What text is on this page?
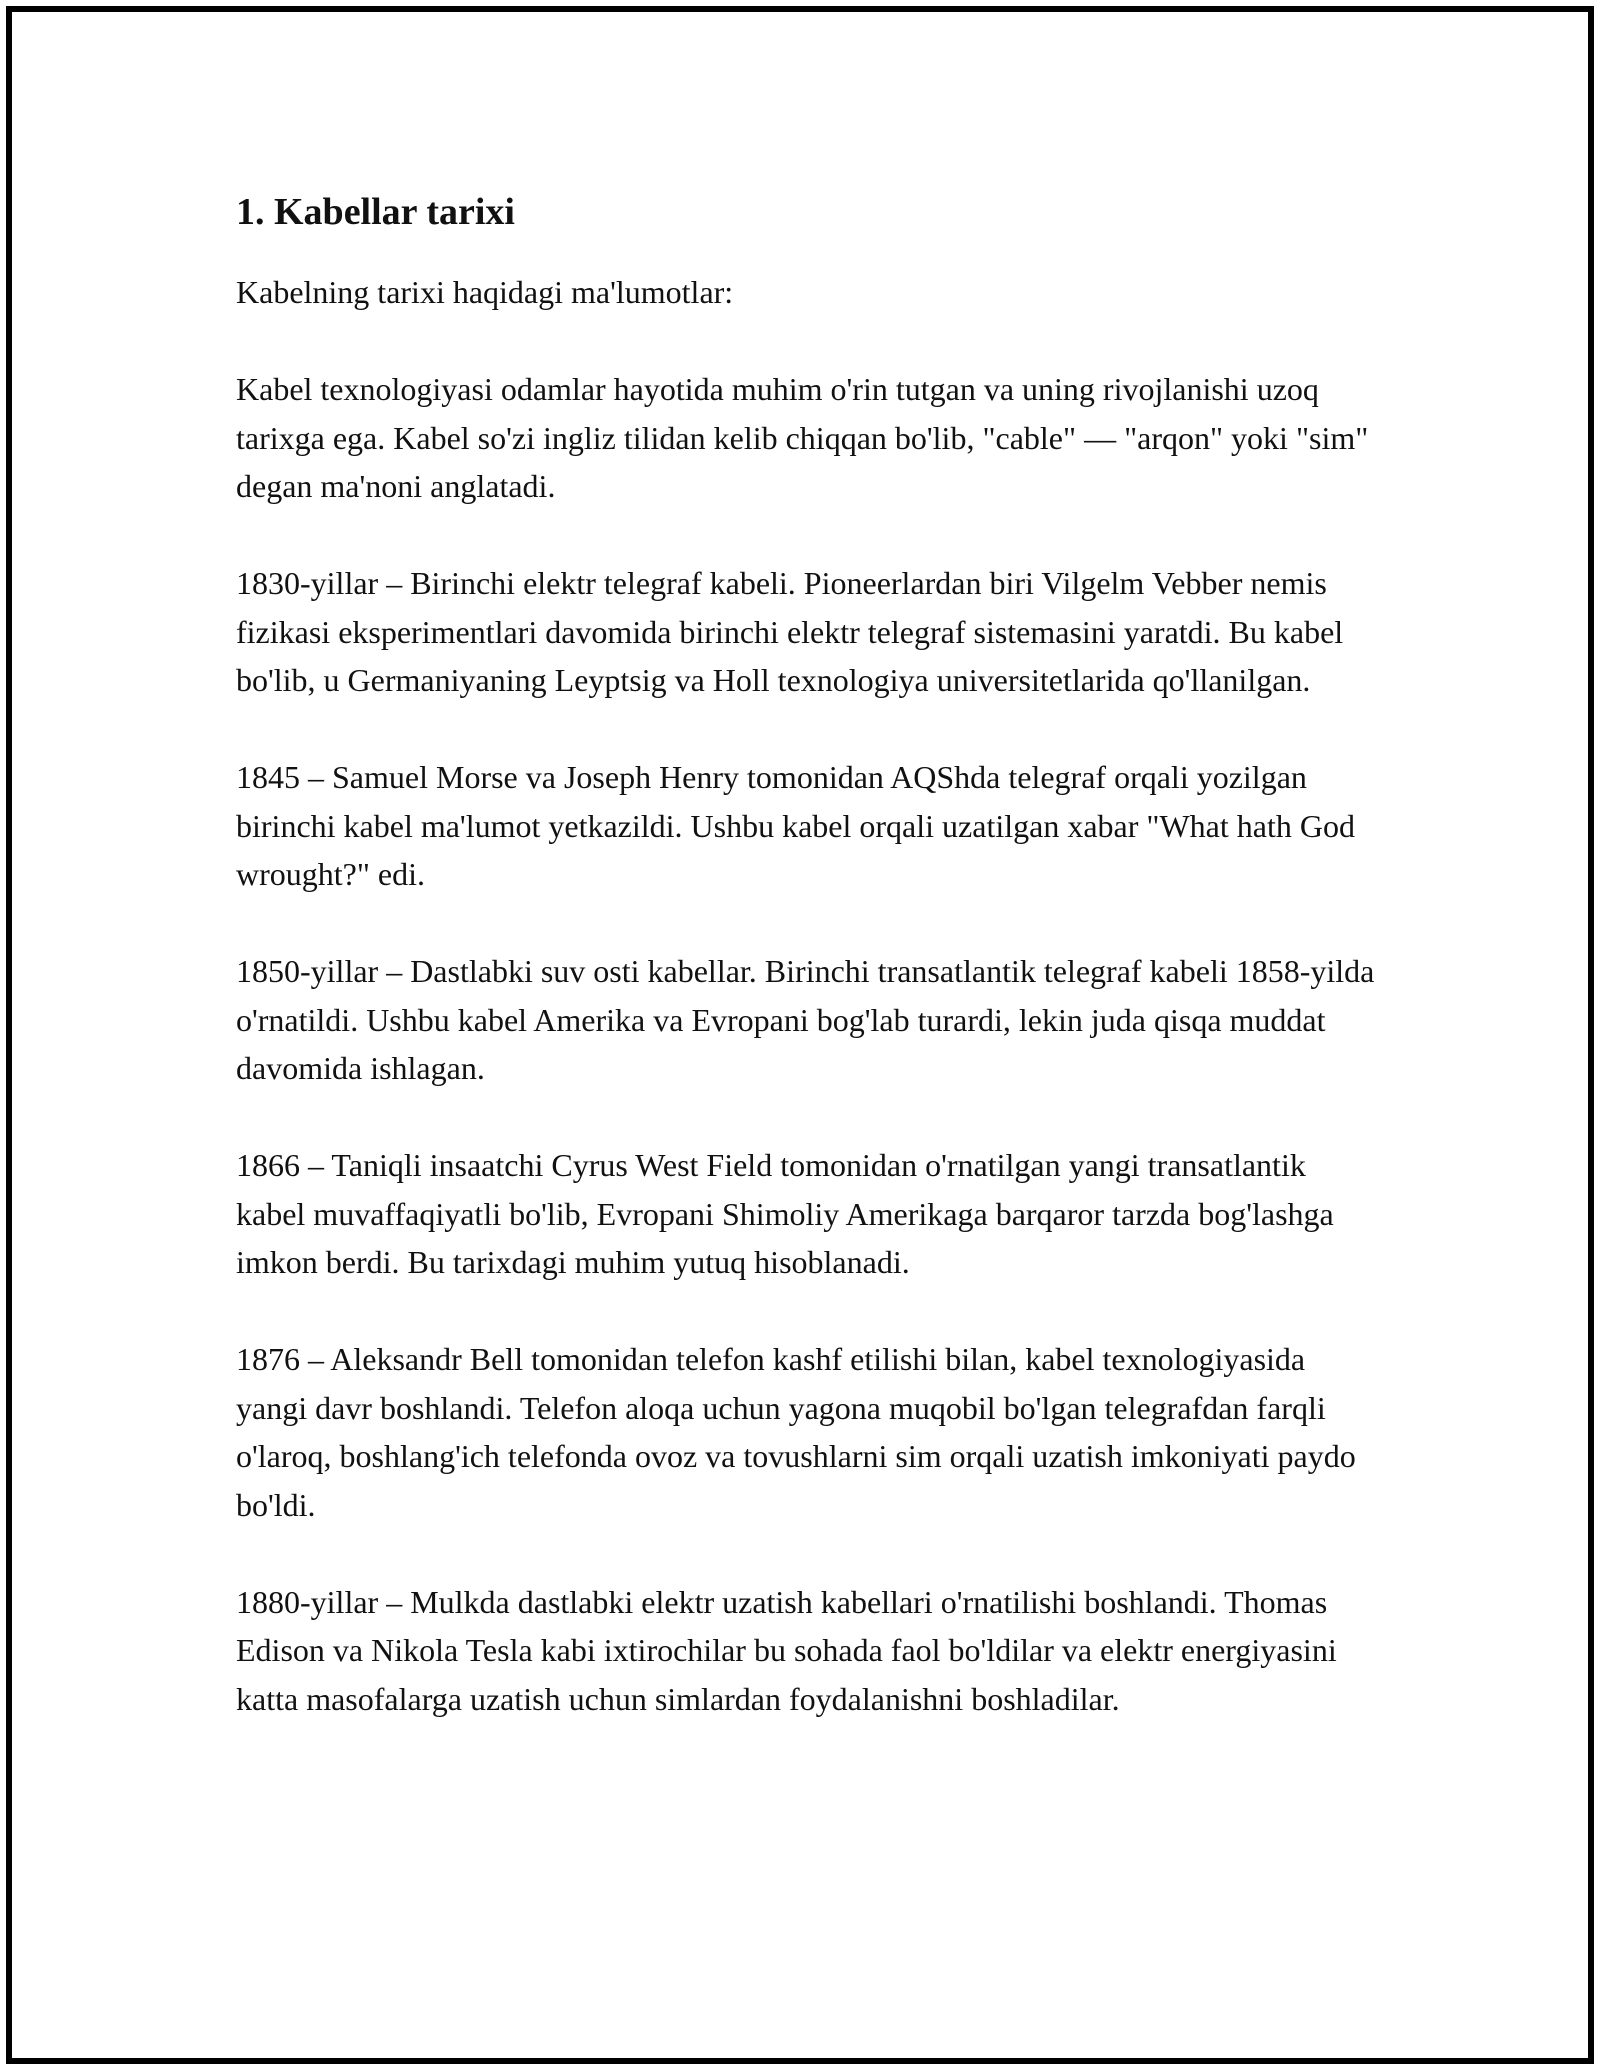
1. Kabellar tarixi

Kabelning tarixi haqidagi ma'lumotlar:

Kabel texnologiyasi odamlar hayotida muhim o'rin tutgan va uning rivojlanishi uzoq tarixga ega. Kabel so'zi ingliz tilidan kelib chiqqan bo'lib, "cable" — "arqon" yoki "sim" degan ma'noni anglatadi.

1830-yillar – Birinchi elektr telegraf kabeli. Pioneerlardan biri Vilgelm Vebber nemis fizikasi eksperimentlari davomida birinchi elektr telegraf sistemasini yaratdi. Bu kabel bo'lib, u Germaniyaning Leyptsig va Holl texnologiya universitetlarida qo'llanilgan.

1845 – Samuel Morse va Joseph Henry tomonidan AQShda telegraf orqali yozilgan birinchi kabel ma'lumot yetkazildi. Ushbu kabel orqali uzatilgan xabar "What hath God wrought?" edi.

1850-yillar – Dastlabki suv osti kabellar. Birinchi transatlantik telegraf kabeli 1858-yilda o'rnatildi. Ushbu kabel Amerika va Evropani bog'lab turardi, lekin juda qisqa muddat davomida ishlagan.

1866 – Taniqli insaatchi Cyrus West Field tomonidan o'rnatilgan yangi transatlantik kabel muvaffaqiyatli bo'lib, Evropani Shimoliy Amerikaga barqaror tarzda bog'lashga imkon berdi. Bu tarixdagi muhim yutuq hisoblanadi.

1876 – Aleksandr Bell tomonidan telefon kashf etilishi bilan, kabel texnologiyasida yangi davr boshlandi. Telefon aloqa uchun yagona muqobil bo'lgan telegrafdan farqli o'laroq, boshlang'ich telefonda ovoz va tovushlarni sim orqali uzatish imkoniyati paydo bo'ldi.

1880-yillar – Mulkda dastlabki elektr uzatish kabellari o'rnatilishi boshlandi. Thomas Edison va Nikola Tesla kabi ixtirochilar bu sohada faol bo'ldilar va elektr energiyasini katta masofalarga uzatish uchun simlardan foydalanishni boshladilar.
